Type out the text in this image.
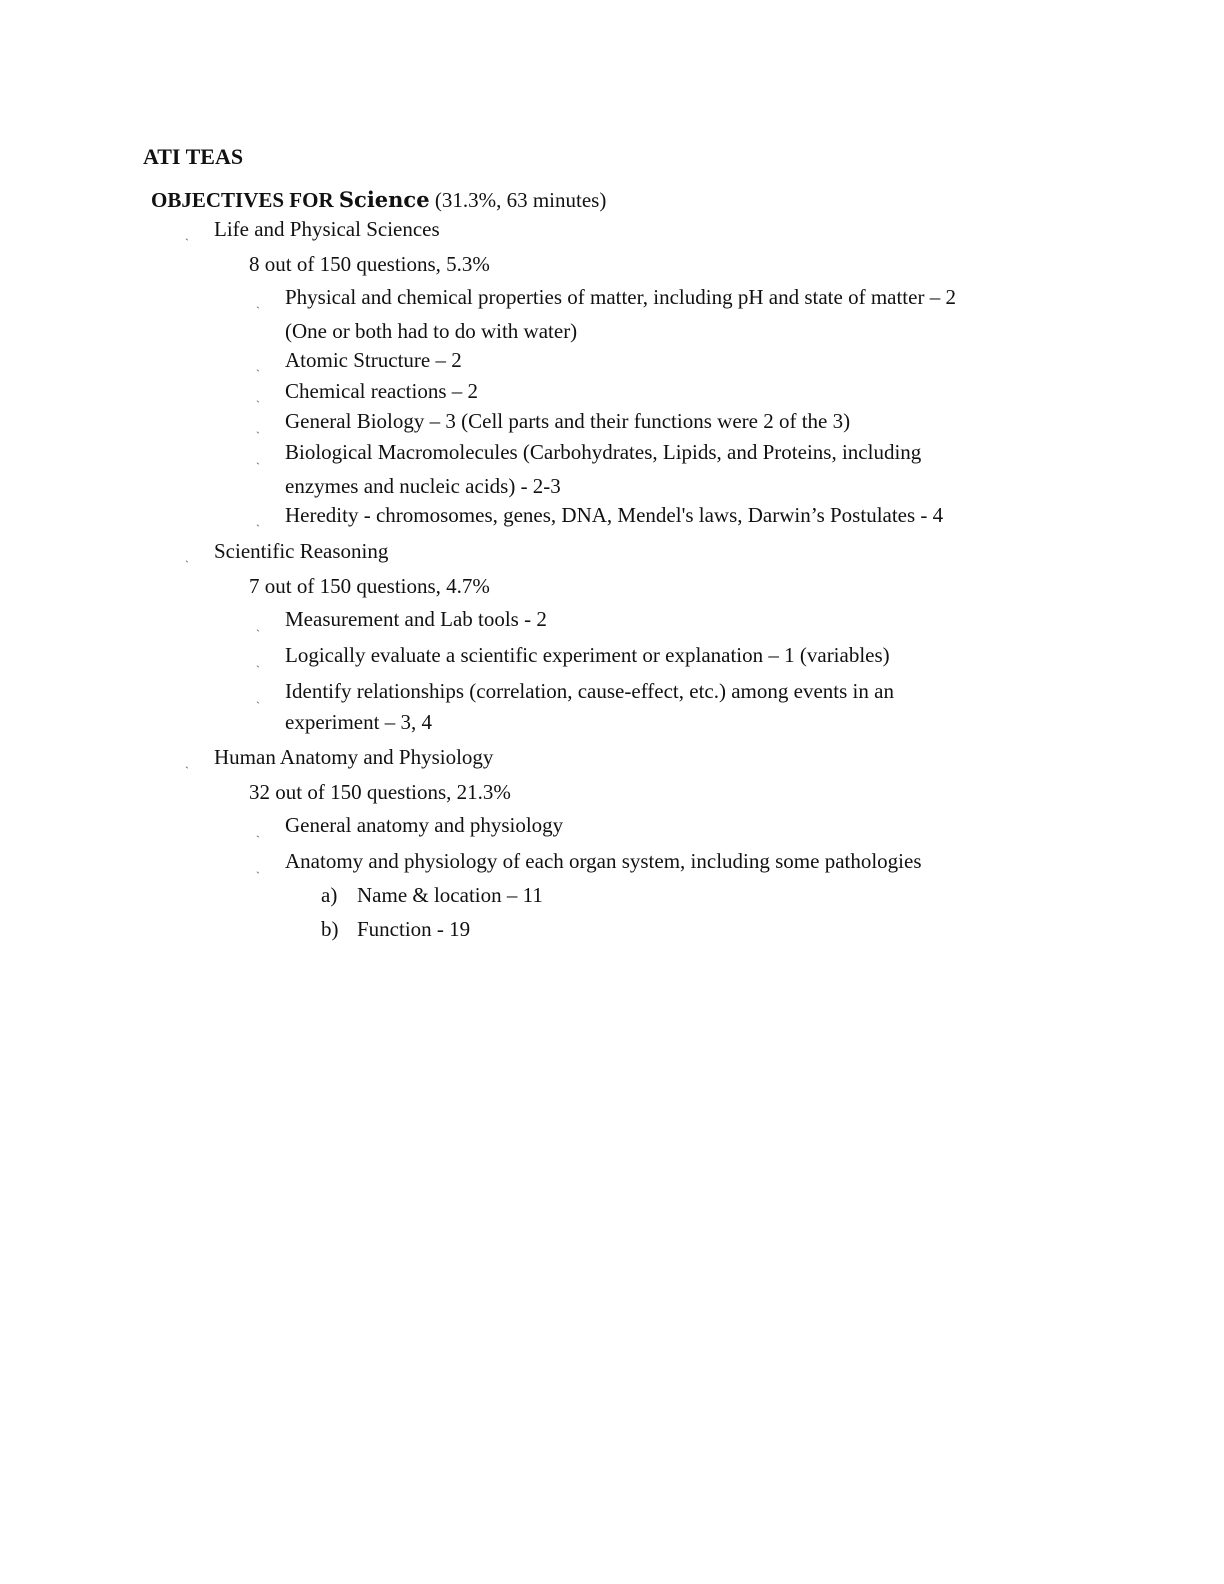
ATI TEAS
OBJECTIVES FOR Science (31.3%, 63 minutes)
ˏ Life and Physical Sciences
8 out of 150 questions, 5.3%
ˏ Physical and chemical properties of matter, including pH and state of matter – 2
(One or both had to do with water)
ˏ Atomic Structure – 2
ˏ Chemical reactions – 2
ˏ General Biology – 3 (Cell parts and their functions were 2 of the 3)
ˏ Biological Macromolecules (Carbohydrates, Lipids, and Proteins, including
enzymes and nucleic acids) - 2-3
ˏ Heredity - chromosomes, genes, DNA, Mendel's laws, Darwin’s Postulates - 4
ˏ Scientific Reasoning
7 out of 150 questions, 4.7%
ˏ Measurement and Lab tools - 2
ˏ Logically evaluate a scientific experiment or explanation – 1 (variables)
ˏ Identify relationships (correlation, cause-effect, etc.) among events in an
experiment – 3, 4
ˏ Human Anatomy and Physiology
32 out of 150 questions, 21.3%
ˏ General anatomy and physiology
ˏ Anatomy and physiology of each organ system, including some pathologies
a) Name & location – 11
b) Function - 19
